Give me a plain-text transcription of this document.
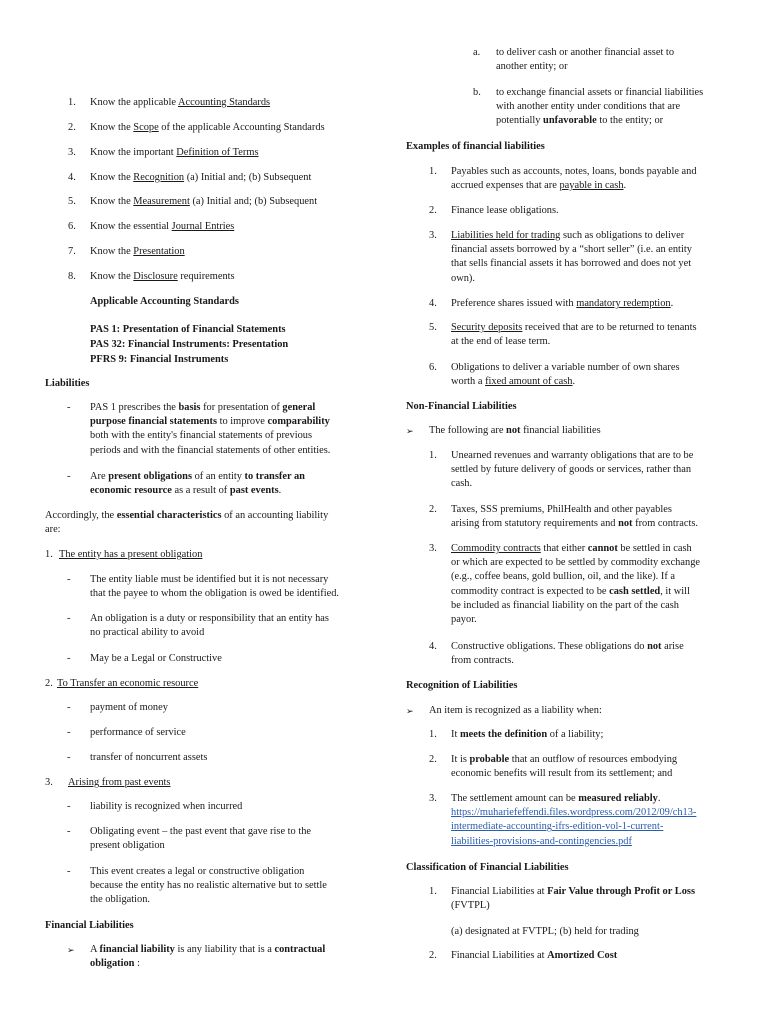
1. Know the applicable Accounting Standards
2. Know the Scope of the applicable Accounting Standards
3. Know the important Definition of Terms
4. Know the Recognition (a) Initial and; (b) Subsequent
5. Know the Measurement (a) Initial and; (b) Subsequent
6. Know the essential Journal Entries
7. Know the Presentation
8. Know the Disclosure requirements
Applicable Accounting Standards
PAS 1: Presentation of Financial Statements
PAS 32: Financial Instruments: Presentation
PFRS 9: Financial Instruments
Liabilities
- PAS 1 prescribes the basis for presentation of general
purpose financial statements to improve comparability
both with the entity's financial statements of previous
periods and with the financial statements of other entities.
- Are present obligations of an entity to transfer an
economic resource as a result of past events.
Accordingly, the essential characteristics of an accounting liability
are:
1. The entity has a present obligation
- The entity liable must be identified but it is not necessary
that the payee to whom the obligation is owed be identified.
- An obligation is a duty or responsibility that an entity has
no practical ability to avoid
- May be a Legal or Constructive
2. To Transfer an economic resource
- payment of money
- performance of service
- transfer of noncurrent assets
3. Arising from past events
- liability is recognized when incurred
- Obligating event – the past event that gave rise to the
present obligation
- This event creates a legal or constructive obligation
because the entity has no realistic alternative but to settle
the obligation.
Financial Liabilities
➢ A financial liability is any liability that is a contractual
obligation :
a. to deliver cash or another financial asset to
another entity; or
b. to exchange financial assets or financial liabilities
with another entity under conditions that are
potentially unfavorable to the entity; or
Examples of financial liabilities
1. Payables such as accounts, notes, loans, bonds payable and
accrued expenses that are payable in cash.
2. Finance lease obligations.
3. Liabilities held for trading such as obligations to deliver
financial assets borrowed by a “short seller” (i.e. an entity
that sells financial assets it has borrowed and does not yet
own).
4. Preference shares issued with mandatory redemption.
5. Security deposits received that are to be returned to tenants
at the end of lease term.
6. Obligations to deliver a variable number of own shares
worth a fixed amount of cash.
Non-Financial Liabilities
➢ The following are not financial liabilities
1. Unearned revenues and warranty obligations that are to be
settled by future delivery of goods or services, rather than
cash.
2. Taxes, SSS premiums, PhilHealth and other payables
arising from statutory requirements and not from contracts.
3. Commodity contracts that either cannot be settled in cash
or which are expected to be settled by commodity exchange
(e.g., coffee beans, gold bullion, oil, and the like). If a
commodity contract is expected to be cash settled, it will
be included as financial liability on the part of the cash
payor.
4. Constructive obligations. These obligations do not arise
from contracts.
Recognition of Liabilities
➢ An item is recognized as a liability when:
1. It meets the definition of a liability;
2. It is probable that an outflow of resources embodying
economic benefits will result from its settlement; and
3. The settlement amount can be measured reliably.
https://muhariefeffendi.files.wordpress.com/2012/09/ch13-
intermediate-accounting-ifrs-edition-vol-1-current-
liabilities-provisions-and-contingencies.pdf
Classification of Financial Liabilities
1. Financial Liabilities at Fair Value through Profit or Loss
(FVTPL)
(a) designated at FVTPL; (b) held for trading
2. Financial Liabilities at Amortized Cost
